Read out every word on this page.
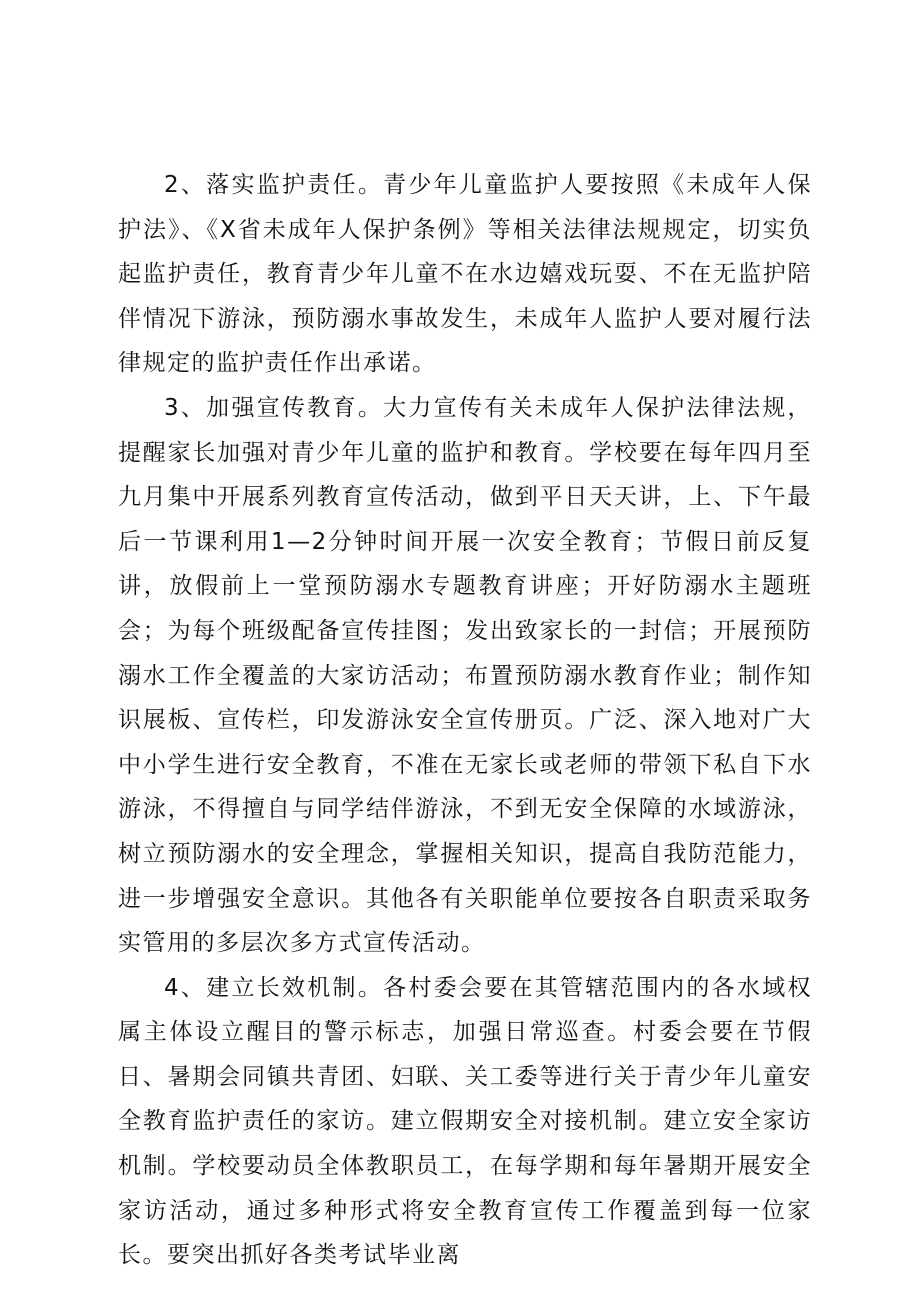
2、落实监护责任。青少年儿童监护人要按照《未成年人保护法》、《X省未成年人保护条例》等相关法律法规规定，切实负起监护责任，教育青少年儿童不在水边嬉戏玩耍、不在无监护陪伴情况下游泳，预防溺水事故发生，未成年人监护人要对履行法律规定的监护责任作出承诺。

3、加强宣传教育。大力宣传有关未成年人保护法律法规，提醒家长加强对青少年儿童的监护和教育。学校要在每年四月至九月集中开展系列教育宣传活动，做到平日天天讲，上、下午最后一节课利用1—2分钟时间开展一次安全教育；节假日前反复讲，放假前上一堂预防溺水专题教育讲座；开好防溺水主题班会；为每个班级配备宣传挂图；发出致家长的一封信；开展预防溺水工作全覆盖的大家访活动；布置预防溺水教育作业；制作知识展板、宣传栏，印发游泳安全宣传册页。广泛、深入地对广大中小学生进行安全教育，不准在无家长或老师的带领下私自下水游泳，不得擅自与同学结伴游泳，不到无安全保障的水域游泳，树立预防溺水的安全理念，掌握相关知识，提高自我防范能力，进一步增强安全意识。其他各有关职能单位要按各自职责采取务实管用的多层次多方式宣传活动。

4、建立长效机制。各村委会要在其管辖范围内的各水域权属主体设立醒目的警示标志，加强日常巡查。村委会要在节假日、暑期会同镇共青团、妇联、关工委等进行关于青少年儿童安全教育监护责任的家访。建立假期安全对接机制。建立安全家访机制。学校要动员全体教职员工，在每学期和每年暑期开展安全家访活动，通过多种形式将安全教育宣传工作覆盖到每一位家长。要突出抓好各类考试毕业离
